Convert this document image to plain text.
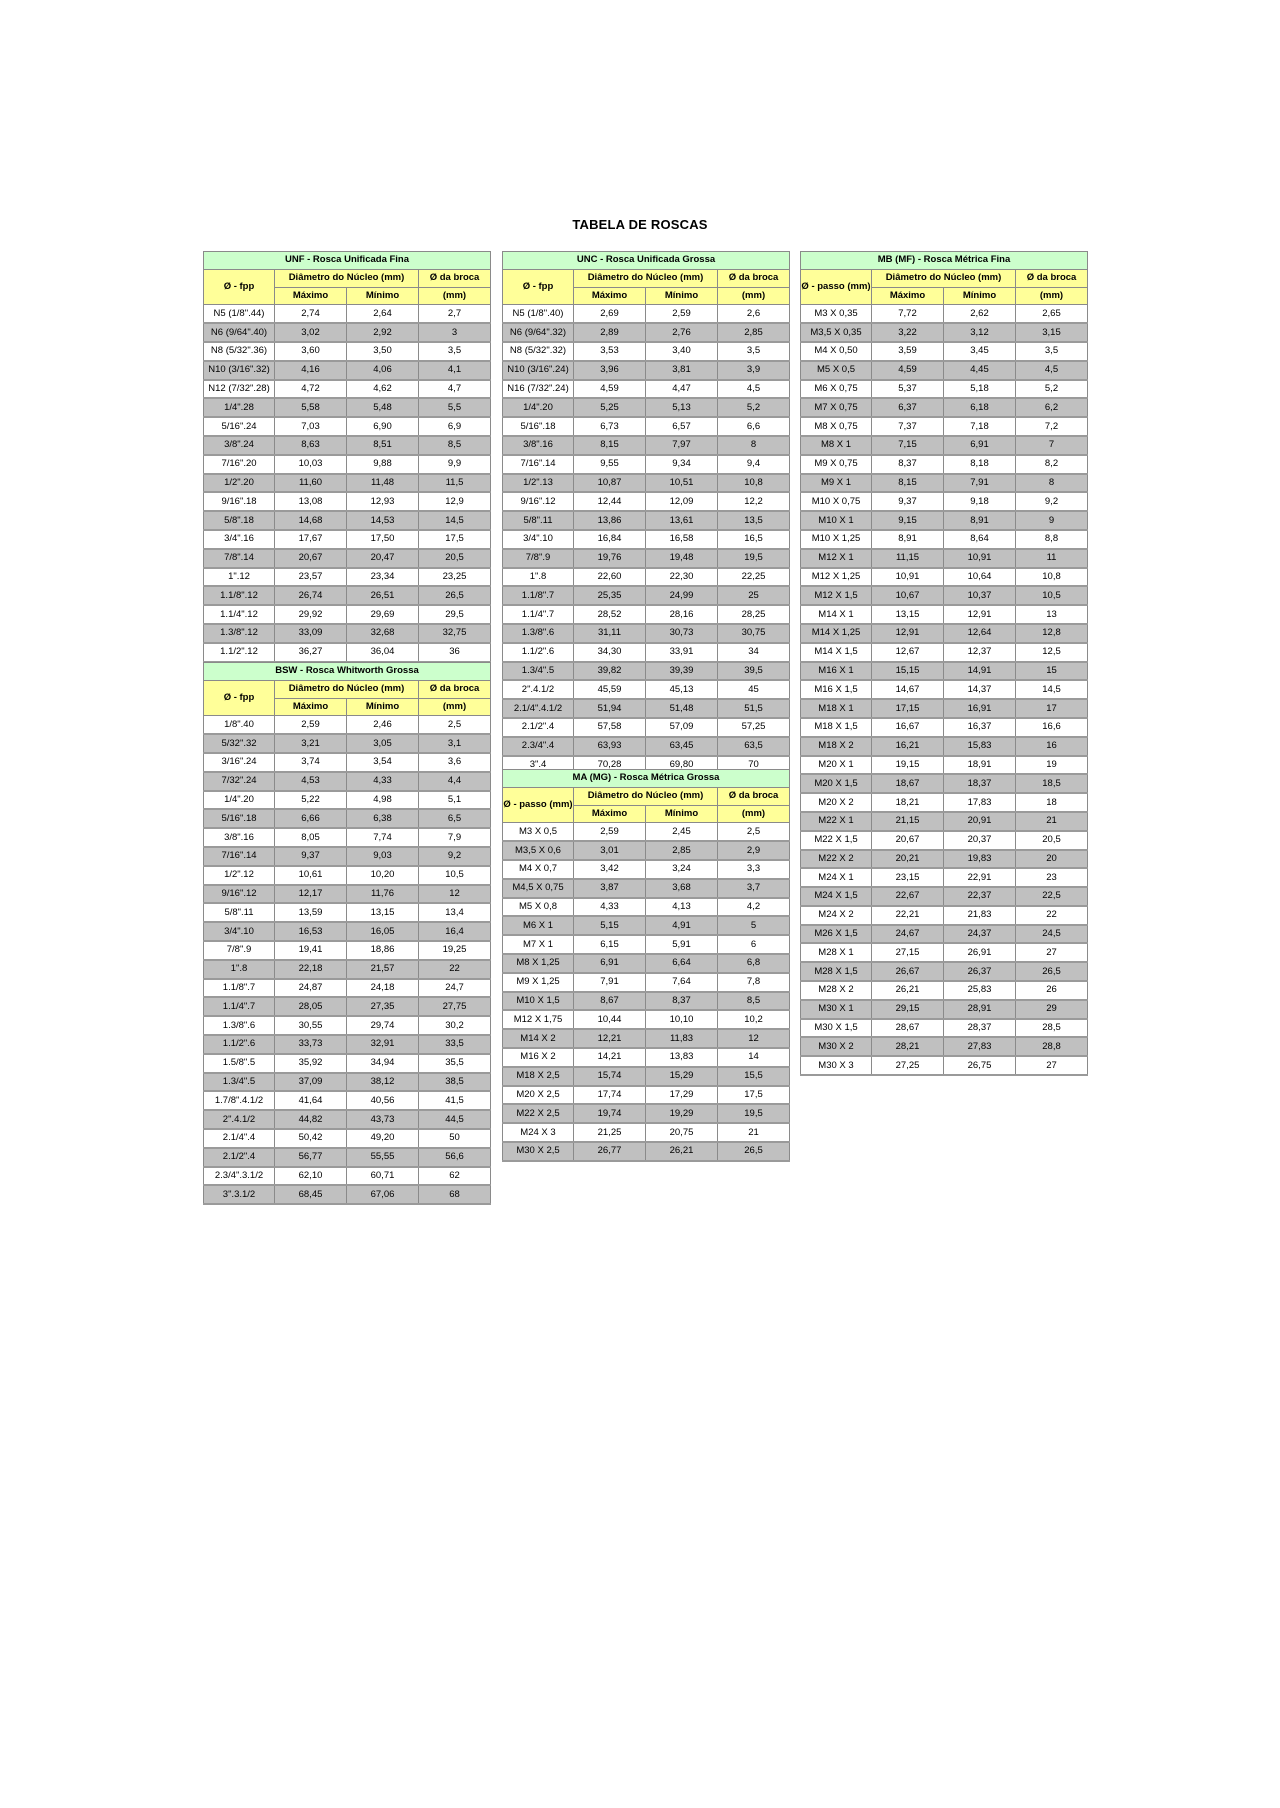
TABELA DE ROSCAS
UNF - Rosca Unificada Fina			
Ø - fpp	Diâmetro do Núcleo (mm)		Ø da broca
	Máximo	Mínimo	(mm)
N5 (1/8".44)	2,74	2,64	2,7
N6 (9/64".40)	3,02	2,92	3
N8 (5/32".36)	3,60	3,50	3,5
N10 (3/16".32)	4,16	4,06	4,1
N12 (7/32".28)	4,72	4,62	4,7
1/4".28	5,58	5,48	5,5
5/16".24	7,03	6,90	6,9
3/8".24	8,63	8,51	8,5
7/16".20	10,03	9,88	9,9
1/2".20	11,60	11,48	11,5
9/16".18	13,08	12,93	12,9
5/8".18	14,68	14,53	14,5
3/4".16	17,67	17,50	17,5
7/8".14	20,67	20,47	20,5
1".12	23,57	23,34	23,25
1.1/8".12	26,74	26,51	26,5
1.1/4".12	29,92	29,69	29,5
1.3/8".12	33,09	32,68	32,75
1.1/2".12	36,27	36,04	36
BSW - Rosca Whitworth Grossa			
Ø - fpp	Diâmetro do Núcleo (mm)		Ø da broca
	Máximo	Mínimo	(mm)
1/8".40	2,59	2,46	2,5
5/32".32	3,21	3,05	3,1
3/16".24	3,74	3,54	3,6
7/32".24	4,53	4,33	4,4
1/4".20	5,22	4,98	5,1
5/16".18	6,66	6,38	6,5
3/8".16	8,05	7,74	7,9
7/16".14	9,37	9,03	9,2
1/2".12	10,61	10,20	10,5
9/16".12	12,17	11,76	12
5/8".11	13,59	13,15	13,4
3/4".10	16,53	16,05	16,4
7/8".9	19,41	18,86	19,25
1".8	22,18	21,57	22
1.1/8".7	24,87	24,18	24,7
1.1/4".7	28,05	27,35	27,75
1.3/8".6	30,55	29,74	30,2
1.1/2".6	33,73	32,91	33,5
1.5/8".5	35,92	34,94	35,5
1.3/4".5	37,09	38,12	38,5
1.7/8".4.1/2	41,64	40,56	41,5
2".4.1/2	44,82	43,73	44,5
2.1/4".4	50,42	49,20	50
2.1/2".4	56,77	55,55	56,6
2.3/4".3.1/2	62,10	60,71	62
3".3.1/2	68,45	67,06	68
UNC - Rosca Unificada Grossa			
Ø - fpp	Diâmetro do Núcleo (mm)		Ø da broca
	Máximo	Mínimo	(mm)
N5 (1/8".40)	2,69	2,59	2,6
N6 (9/64".32)	2,89	2,76	2,85
N8 (5/32".32)	3,53	3,40	3,5
N10 (3/16".24)	3,96	3,81	3,9
N16 (7/32".24)	4,59	4,47	4,5
1/4".20	5,25	5,13	5,2
5/16".18	6,73	6,57	6,6
3/8".16	8,15	7,97	8
7/16".14	9,55	9,34	9,4
1/2".13	10,87	10,51	10,8
9/16".12	12,44	12,09	12,2
5/8".11	13,86	13,61	13,5
3/4".10	16,84	16,58	16,5
7/8".9	19,76	19,48	19,5
1".8	22,60	22,30	22,25
1.1/8".7	25,35	24,99	25
1.1/4".7	28,52	28,16	28,25
1.3/8".6	31,11	30,73	30,75
1.1/2".6	34,30	33,91	34
1.3/4".5	39,82	39,39	39,5
2".4.1/2	45,59	45,13	45
2.1/4".4.1/2	51,94	51,48	51,5
2.1/2".4	57,58	57,09	57,25
2.3/4".4	63,93	63,45	63,5
3".4	70,28	69,80	70
MA (MG) - Rosca Métrica Grossa			
Ø - passo (mm)	Diâmetro do Núcleo (mm)		Ø da broca
	Máximo	Mínimo	(mm)
M3 X 0,5	2,59	2,45	2,5
M3,5 X 0,6	3,01	2,85	2,9
M4 X 0,7	3,42	3,24	3,3
M4,5 X 0,75	3,87	3,68	3,7
M5 X 0,8	4,33	4,13	4,2
M6 X 1	5,15	4,91	5
M7 X 1	6,15	5,91	6
M8 X 1,25	6,91	6,64	6,8
M9 X 1,25	7,91	7,64	7,8
M10 X 1,5	8,67	8,37	8,5
M12 X 1,75	10,44	10,10	10,2
M14 X 2	12,21	11,83	12
M16 X 2	14,21	13,83	14
M18 X 2,5	15,74	15,29	15,5
M20 X 2,5	17,74	17,29	17,5
M22 X 2,5	19,74	19,29	19,5
M24 X 3	21,25	20,75	21
M30 X 2,5	26,77	26,21	26,5
MB (MF) - Rosca Métrica Fina			
Ø - passo (mm)	Diâmetro do Núcleo (mm)		Ø da broca
	Máximo	Mínimo	(mm)
M3 X 0,35	7,72	2,62	2,65
M3,5 X 0,35	3,22	3,12	3,15
M4 X 0,50	3,59	3,45	3,5
M5 X 0,5	4,59	4,45	4,5
M6 X 0,75	5,37	5,18	5,2
M7 X 0,75	6,37	6,18	6,2
M8 X 0,75	7,37	7,18	7,2
M8 X 1	7,15	6,91	7
M9 X 0,75	8,37	8,18	8,2
M9 X 1	8,15	7,91	8
M10 X 0,75	9,37	9,18	9,2
M10 X 1	9,15	8,91	9
M10 X 1,25	8,91	8,64	8,8
M12 X 1	11,15	10,91	11
M12 X 1,25	10,91	10,64	10,8
M12 X 1,5	10,67	10,37	10,5
M14 X 1	13,15	12,91	13
M14 X 1,25	12,91	12,64	12,8
M14 X 1,5	12,67	12,37	12,5
M16 X 1	15,15	14,91	15
M16 X 1,5	14,67	14,37	14,5
M18 X 1	17,15	16,91	17
M18 X 1,5	16,67	16,37	16,6
M18 X 2	16,21	15,83	16
M20 X 1	19,15	18,91	19
M20 X 1,5	18,67	18,37	18,5
M20 X 2	18,21	17,83	18
M22 X 1	21,15	20,91	21
M22 X 1,5	20,67	20,37	20,5
M22 X 2	20,21	19,83	20
M24 X 1	23,15	22,91	23
M24 X 1,5	22,67	22,37	22,5
M24 X 2	22,21	21,83	22
M26 X 1,5	24,67	24,37	24,5
M28 X 1	27,15	26,91	27
M28 X 1,5	26,67	26,37	26,5
M28 X 2	26,21	25,83	26
M30 X 1	29,15	28,91	29
M30 X 1,5	28,67	28,37	28,5
M30 X 2	28,21	27,83	28,8
M30 X 3	27,25	26,75	27
